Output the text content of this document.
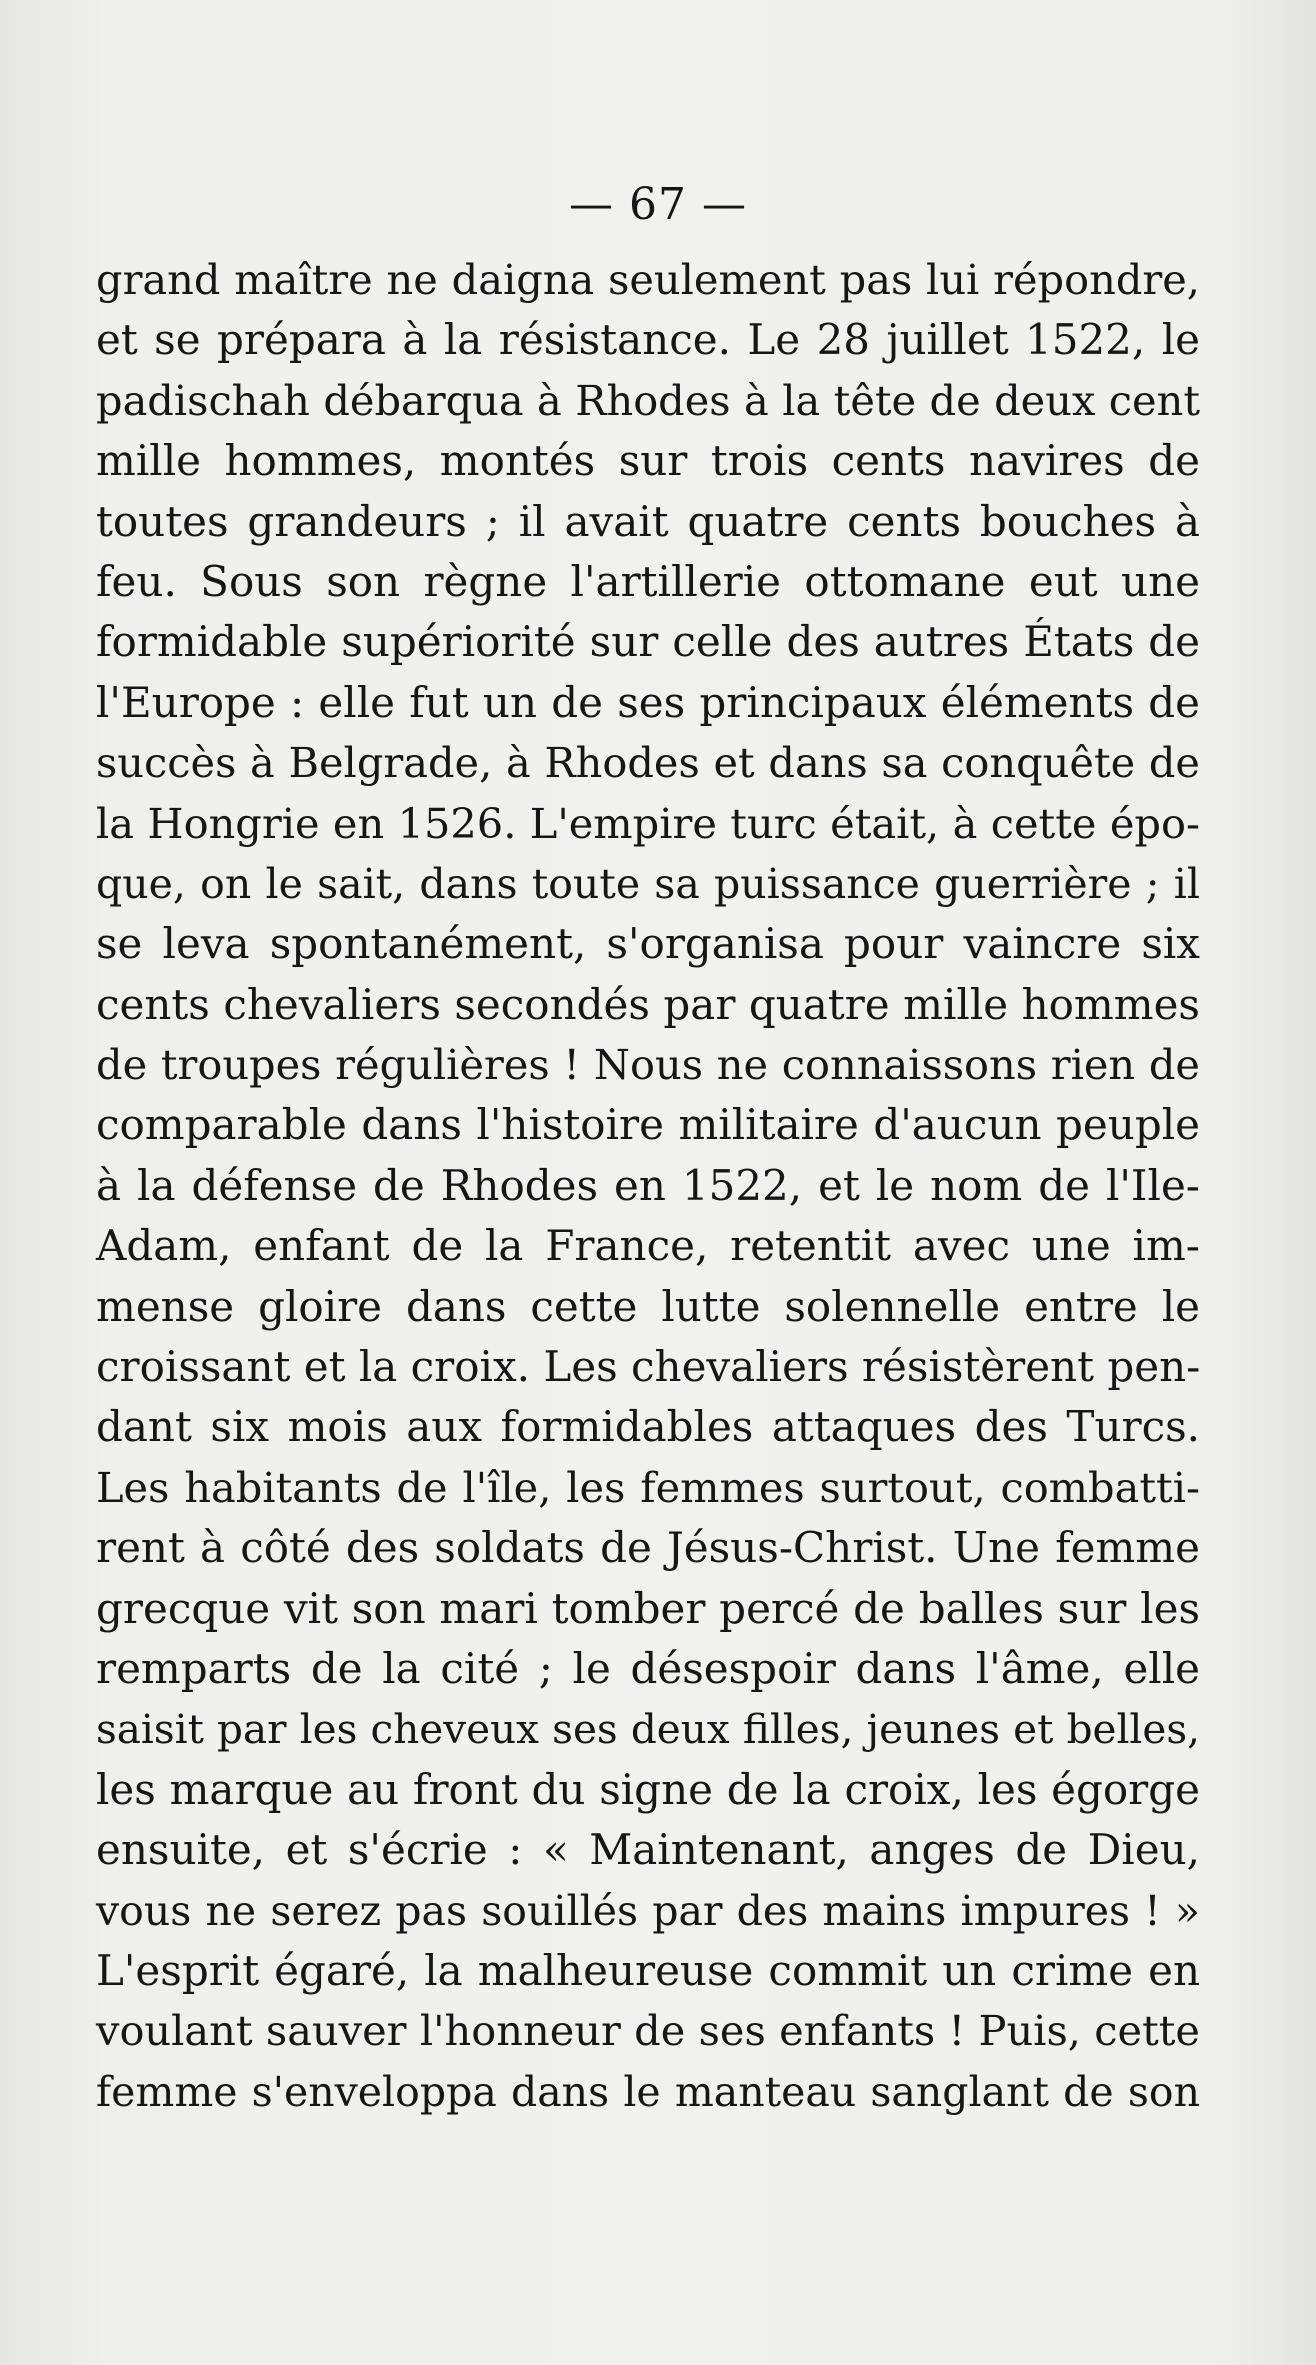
— 67 —
grand maître ne daigna seulement pas lui répondre,
et se prépara à la résistance. Le 28 juillet 1522, le
padischah débarqua à Rhodes à la tête de deux cent
mille hommes, montés sur trois cents navires de
toutes grandeurs ; il avait quatre cents bouches à
feu. Sous son règne l'artillerie ottomane eut une
formidable supériorité sur celle des autres États de
l'Europe : elle fut un de ses principaux éléments de
succès à Belgrade, à Rhodes et dans sa conquête de
la Hongrie en 1526. L'empire turc était, à cette épo-
que, on le sait, dans toute sa puissance guerrière ; il
se leva spontanément, s'organisa pour vaincre six
cents chevaliers secondés par quatre mille hommes
de troupes régulières ! Nous ne connaissons rien de
comparable dans l'histoire militaire d'aucun peuple
à la défense de Rhodes en 1522, et le nom de l'Ile-
Adam, enfant de la France, retentit avec une im-
mense gloire dans cette lutte solennelle entre le
croissant et la croix. Les chevaliers résistèrent pen-
dant six mois aux formidables attaques des Turcs.
Les habitants de l'île, les femmes surtout, combatti-
rent à côté des soldats de Jésus-Christ. Une femme
grecque vit son mari tomber percé de balles sur les
remparts de la cité ; le désespoir dans l'âme, elle
saisit par les cheveux ses deux filles, jeunes et belles,
les marque au front du signe de la croix, les égorge
ensuite, et s'écrie : « Maintenant, anges de Dieu,
vous ne serez pas souillés par des mains impures ! »
L'esprit égaré, la malheureuse commit un crime en
voulant sauver l'honneur de ses enfants ! Puis, cette
femme s'enveloppa dans le manteau sanglant de son
